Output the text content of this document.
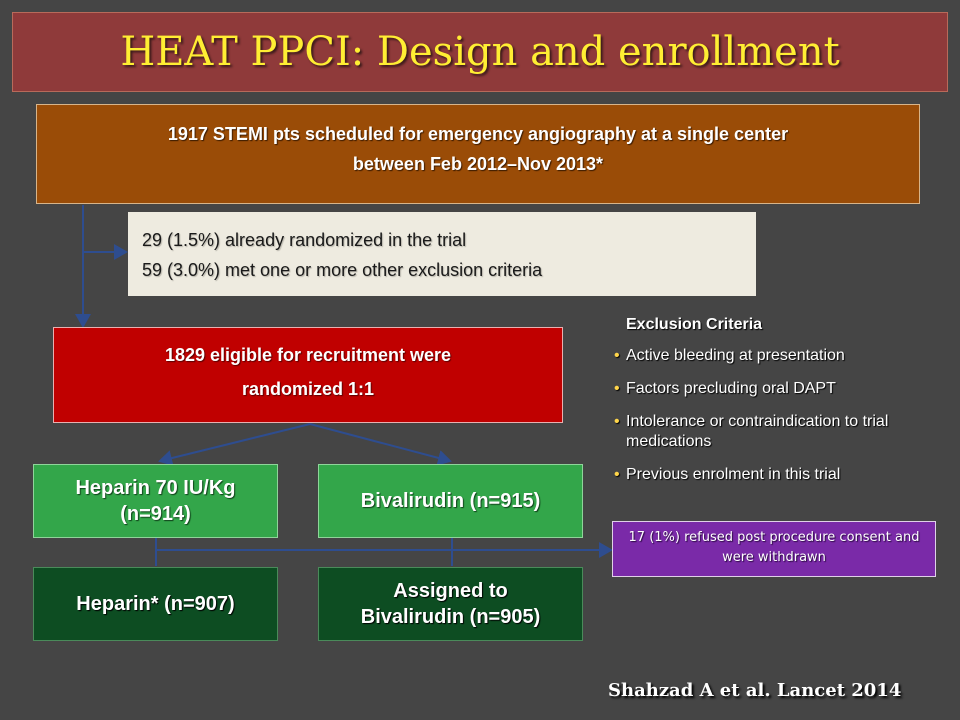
HEAT PPCI: Design and enrollment
1917 STEMI pts scheduled for emergency angiography at a single center
between Feb 2012–Nov 2013*
29 (1.5%) already randomized in the trial
59 (3.0%) met one or more other exclusion criteria
1829 eligible for recruitment were
randomized 1:1
Heparin 70 IU/Kg
(n=914)
Bivalirudin (n=915)
Heparin* (n=907)
Assigned to
Bivalirudin (n=905)
Exclusion Criteria
• Active bleeding at presentation
• Factors precluding oral DAPT
• Intolerance or contraindication to trial medications
• Previous enrolment in this trial
17 (1%) refused post procedure consent and were withdrawn
Shahzad A et al. Lancet 2014
